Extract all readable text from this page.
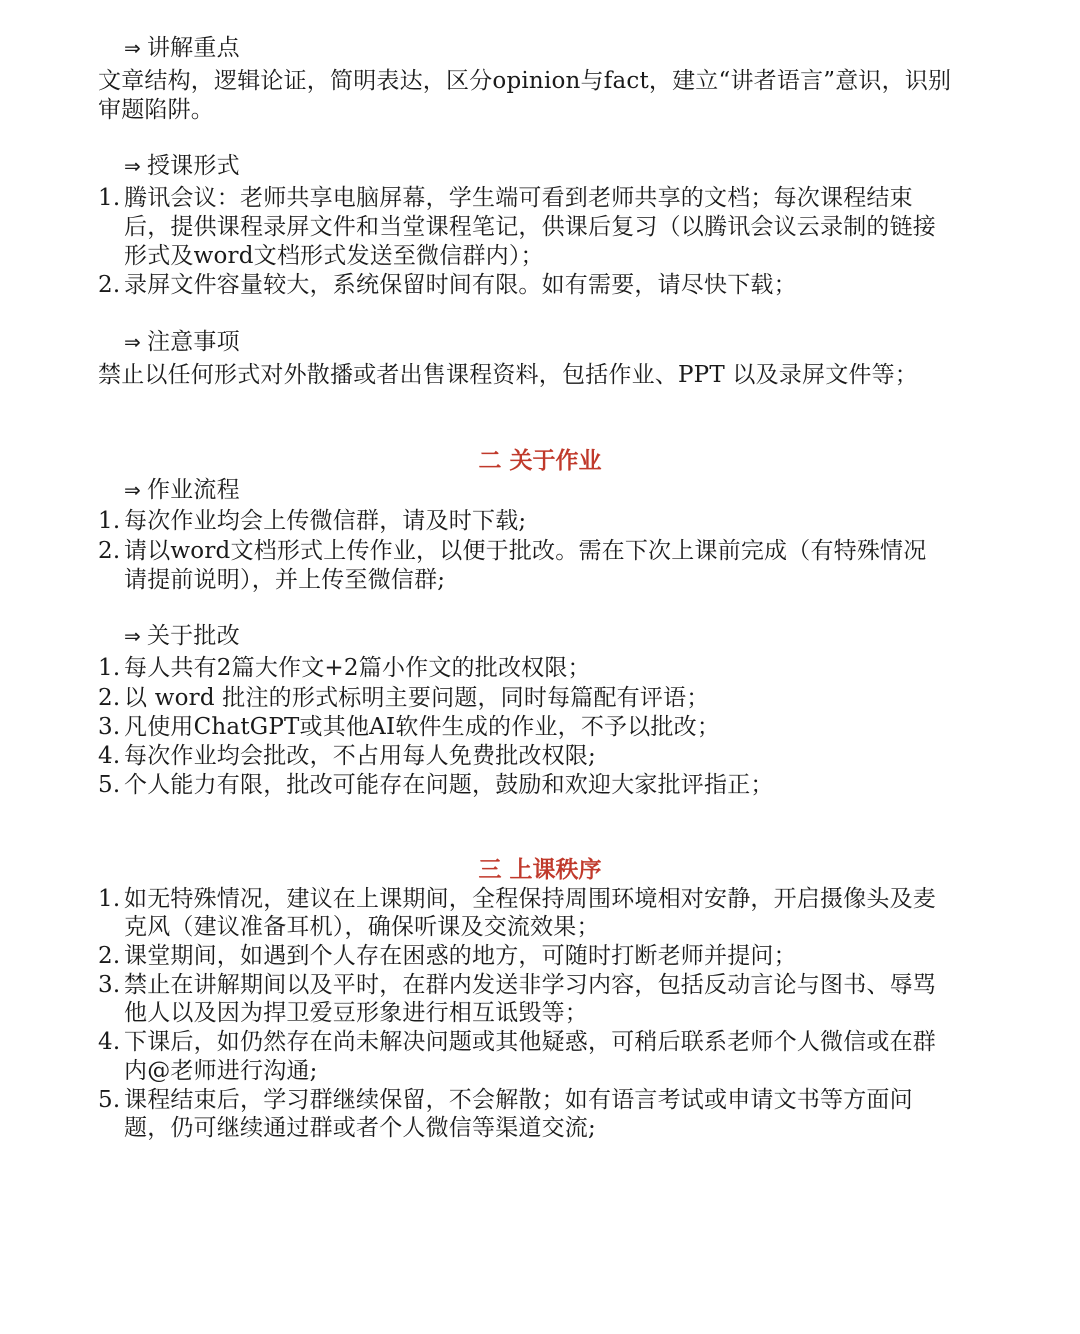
⇒ 讲解重点
文章结构，逻辑论证，简明表达，区分opinion与fact，建立“讲者语言”意识，识别
审题陷阱。
⇒ 授课形式
1. 腾讯会议：老师共享电脑屏幕，学生端可看到老师共享的文档；每次课程结束
后，提供课程录屏文件和当堂课程笔记，供课后复习（以腾讯会议云录制的链接
形式及word文档形式发送至微信群内）；
2. 录屏文件容量较大，系统保留时间有限。如有需要，请尽快下载；
⇒ 注意事项
禁止以任何形式对外散播或者出售课程资料，包括作业、PPT 以及录屏文件等；
二 关于作业
⇒ 作业流程
1. 每次作业均会上传微信群，请及时下载;
2. 请以word文档形式上传作业，以便于批改。需在下次上课前完成（有特殊情况
请提前说明），并上传至微信群;
⇒ 关于批改
1. 每人共有2篇大作文+2篇小作文的批改权限；
2. 以 word 批注的形式标明主要问题，同时每篇配有评语；
3. 凡使用ChatGPT或其他AI软件生成的作业，不予以批改；
4. 每次作业均会批改，不占用每人免费批改权限;
5. 个人能力有限，批改可能存在问题，鼓励和欢迎大家批评指正；
三 上课秩序
1. 如无特殊情况，建议在上课期间，全程保持周围环境相对安静，开启摄像头及麦
克风（建议准备耳机），确保听课及交流效果；
2. 课堂期间，如遇到个人存在困惑的地方，可随时打断老师并提问；
3. 禁止在讲解期间以及平时，在群内发送非学习内容，包括反动言论与图书、辱骂
他人以及因为捍卫爱豆形象进行相互诋毁等；
4. 下课后，如仍然存在尚未解决问题或其他疑惑，可稍后联系老师个人微信或在群
内@老师进行沟通;
5. 课程结束后，学习群继续保留，不会解散；如有语言考试或申请文书等方面问
题，仍可继续通过群或者个人微信等渠道交流;
